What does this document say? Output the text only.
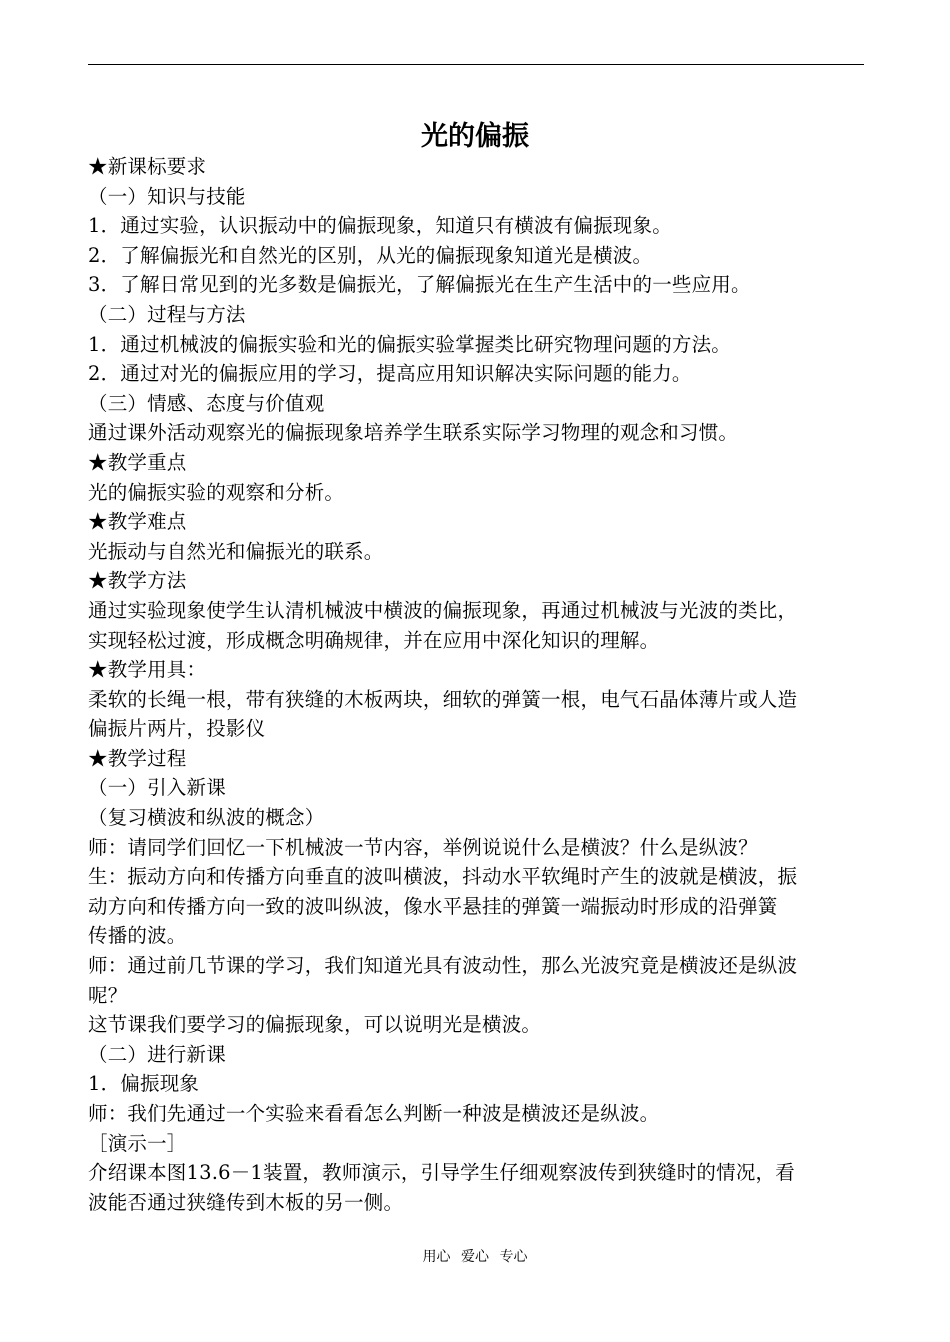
光的偏振
★新课标要求
（一）知识与技能
1．通过实验，认识振动中的偏振现象，知道只有横波有偏振现象。
2．了解偏振光和自然光的区别，从光的偏振现象知道光是横波。
3．了解日常见到的光多数是偏振光，了解偏振光在生产生活中的一些应用。
（二）过程与方法
1．通过机械波的偏振实验和光的偏振实验掌握类比研究物理问题的方法。
2．通过对光的偏振应用的学习，提高应用知识解决实际问题的能力。
（三）情感、态度与价值观
通过课外活动观察光的偏振现象培养学生联系实际学习物理的观念和习惯。
★教学重点
光的偏振实验的观察和分析。
★教学难点
光振动与自然光和偏振光的联系。
★教学方法
通过实验现象使学生认清机械波中横波的偏振现象，再通过机械波与光波的类比，
实现轻松过渡，形成概念明确规律，并在应用中深化知识的理解。
★教学用具：
柔软的长绳一根，带有狭缝的木板两块，细软的弹簧一根，电气石晶体薄片或人造
偏振片两片，投影仪
★教学过程
（一）引入新课
（复习横波和纵波的概念）
师：请同学们回忆一下机械波一节内容，举例说说什么是横波？什么是纵波？
生：振动方向和传播方向垂直的波叫横波，抖动水平软绳时产生的波就是横波，振
动方向和传播方向一致的波叫纵波，像水平悬挂的弹簧一端振动时形成的沿弹簧
传播的波。
师：通过前几节课的学习，我们知道光具有波动性，那么光波究竟是横波还是纵波
呢？
这节课我们要学习的偏振现象，可以说明光是横波。
（二）进行新课
1．偏振现象
师：我们先通过一个实验来看看怎么判断一种波是横波还是纵波。
［演示一］
介绍课本图13.6－1装置，教师演示，引导学生仔细观察波传到狭缝时的情况，看
波能否通过狭缝传到木板的另一侧。
用心 爱心 专心
